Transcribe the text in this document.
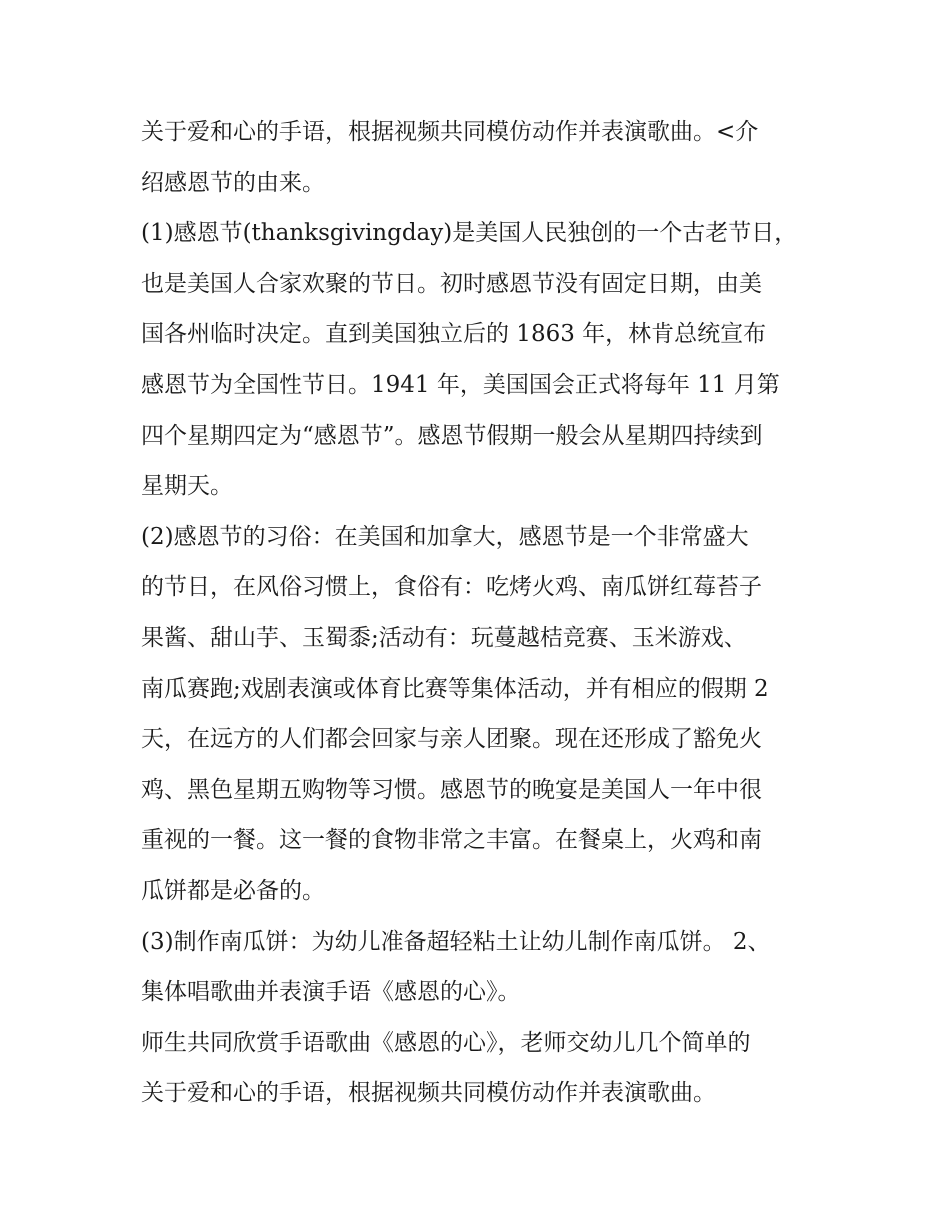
关于爱和心的手语，根据视频共同模仿动作并表演歌曲。<介
绍感恩节的由来。
(1)感恩节(thanksgivingday)是美国人民独创的一个古老节日，
也是美国人合家欢聚的节日。初时感恩节没有固定日期，由美
国各州临时决定。直到美国独立后的 1863 年，林肯总统宣布
感恩节为全国性节日。1941 年，美国国会正式将每年 11 月第
四个星期四定为“感恩节”。感恩节假期一般会从星期四持续到
星期天。
(2)感恩节的习俗：在美国和加拿大，感恩节是一个非常盛大
的节日，在风俗习惯上，食俗有：吃烤火鸡、南瓜饼红莓苔子
果酱、甜山芋、玉蜀黍;活动有：玩蔓越桔竞赛、玉米游戏、
南瓜赛跑;戏剧表演或体育比赛等集体活动，并有相应的假期 2
天，在远方的人们都会回家与亲人团聚。现在还形成了豁免火
鸡、黑色星期五购物等习惯。感恩节的晚宴是美国人一年中很
重视的一餐。这一餐的食物非常之丰富。在餐桌上，火鸡和南
瓜饼都是必备的。
(3)制作南瓜饼：为幼儿准备超轻粘土让幼儿制作南瓜饼。 2、
集体唱歌曲并表演手语《感恩的心》。
师生共同欣赏手语歌曲《感恩的心》，老师交幼儿几个简单的
关于爱和心的手语，根据视频共同模仿动作并表演歌曲。
